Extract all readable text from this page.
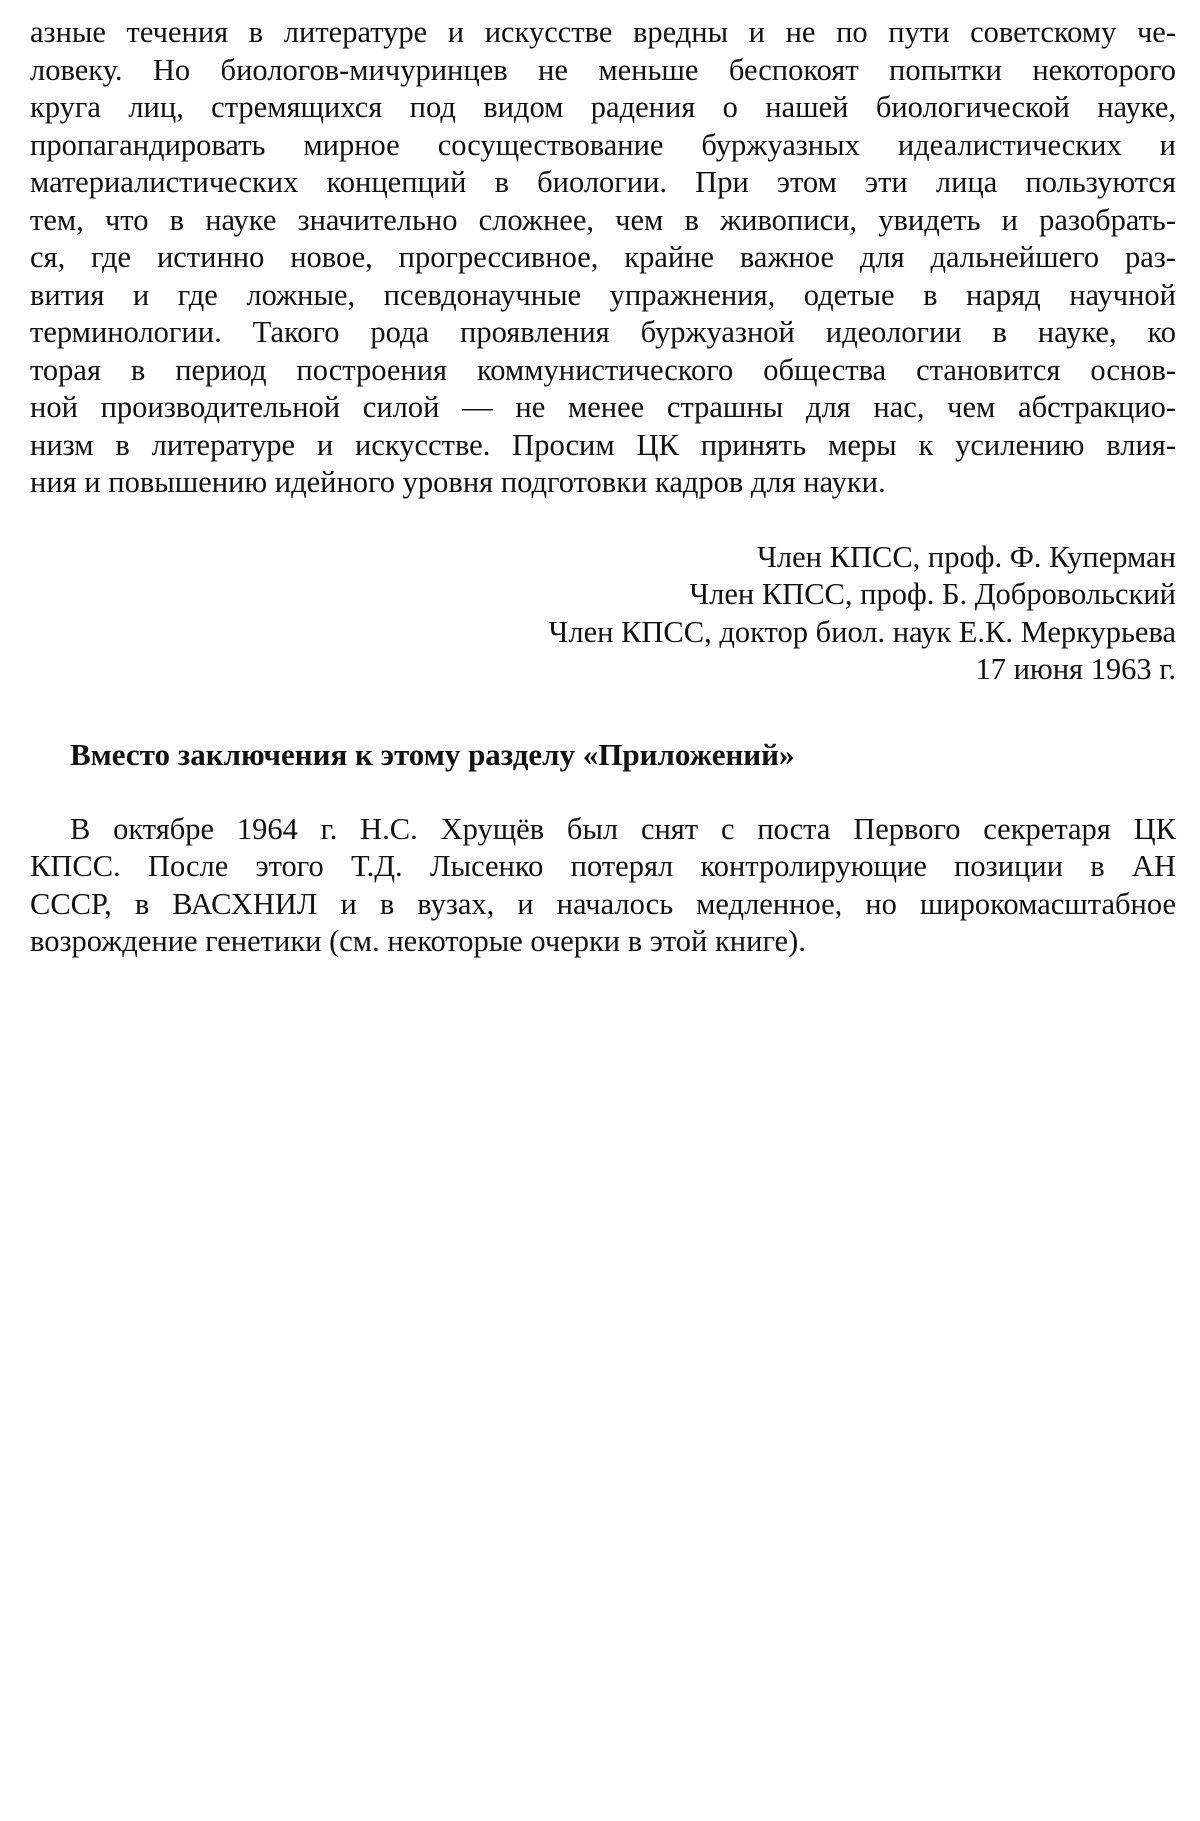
азные течения в литературе и искусстве вредны и не по пути советскому че-
ловеку. Но биологов-мичуринцев не меньше беспокоят попытки некоторого
круга лиц, стремящихся под видом радения о нашей биологической науке,
пропагандировать мирное сосуществование буржуазных идеалистических и
материалистических концепций в биологии. При этом эти лица пользуются
тем, что в науке значительно сложнее, чем в живописи, увидеть и разобрать-
ся, где истинно новое, прогрессивное, крайне важное для дальнейшего раз-
вития и где ложные, псевдонаучные упражнения, одетые в наряд научной
терминологии. Такого рода проявления буржуазной идеологии в науке, ко
торая в период построения коммунистического общества становится основ-
ной производительной силой — не менее страшны для нас, чем абстракцио-
низм в литературе и искусстве. Просим ЦК принять меры к усилению влия-
ния и повышению идейного уровня подготовки кадров для науки.

Член КПСС, проф. Ф. Куперман
Член КПСС, проф. Б. Добровольский
Член КПСС, доктор биол. наук Е.К. Меркурьева
17 июня 1963 г.
Вместо заключения к этому разделу «Приложений»

В октябре 1964 г. Н.С. Хрущёв был снят с поста Первого секретаря ЦК
КПСС. После этого Т.Д. Лысенко потерял контролирующие позиции в АН
СССР, в ВАСХНИЛ и в вузах, и началось медленное, но широкомасштабное
возрождение генетики (см. некоторые очерки в этой книге).
